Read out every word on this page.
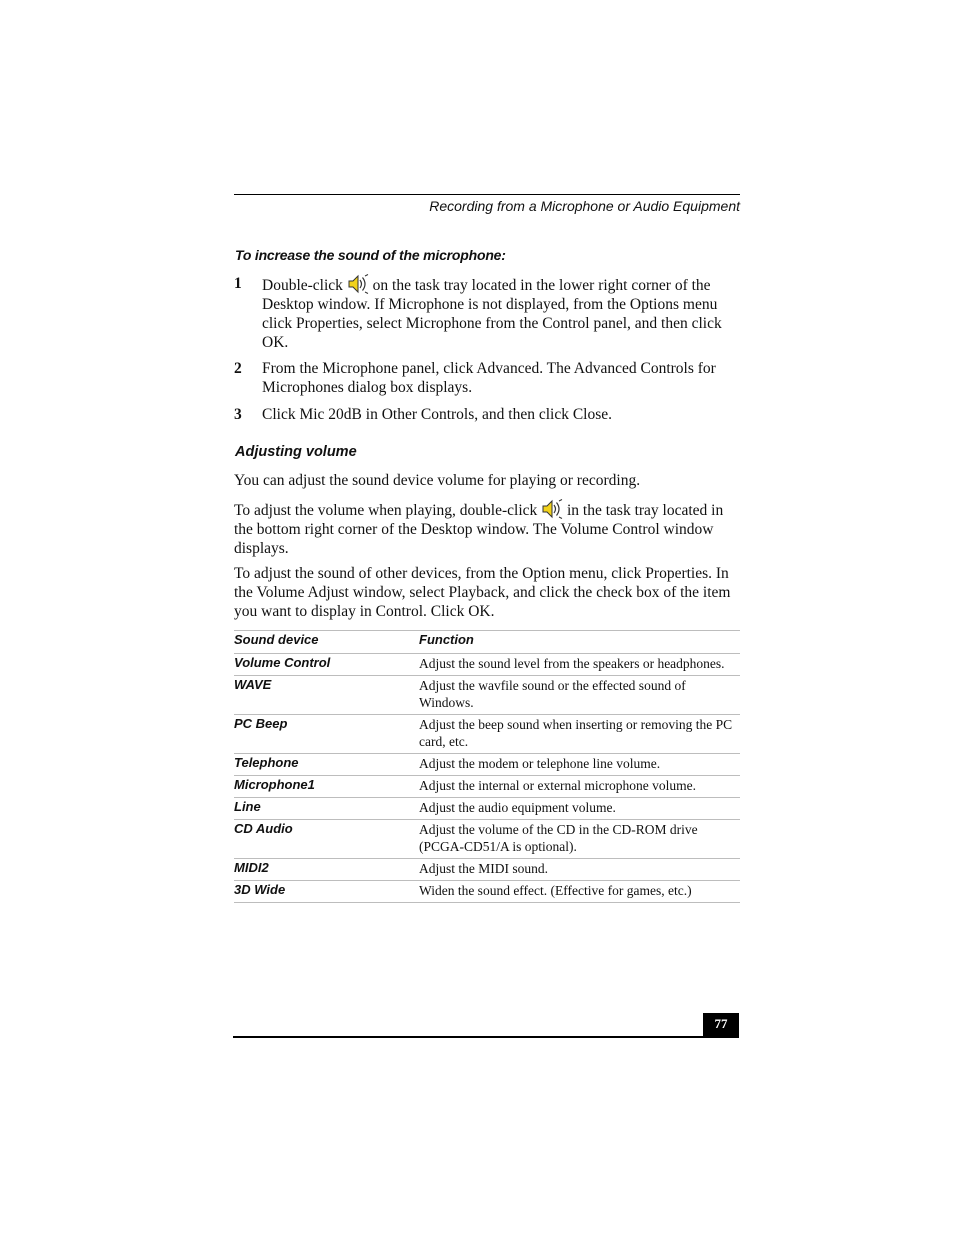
Recording from a Microphone or Audio Equipment
To increase the sound of the microphone:
1 Double-click on the task tray located in the lower right corner of the Desktop window. If Microphone is not displayed, from the Options menu click Properties, select Microphone from the Control panel, and then click OK.
2 From the Microphone panel, click Advanced. The Advanced Controls for Microphones dialog box displays.
3 Click Mic 20dB in Other Controls, and then click Close.
Adjusting volume
You can adjust the sound device volume for playing or recording.
To adjust the volume when playing, double-click in the task tray located in the bottom right corner of the Desktop window. The Volume Control window displays.
To adjust the sound of other devices, from the Option menu, click Properties. In the Volume Adjust window, select Playback, and click the check box of the item you want to display in Control. Click OK.
Sound device	Function
Volume Control	Adjust the sound level from the speakers or headphones.
WAVE	Adjust the wavfile sound or the effected sound of Windows.
PC Beep	Adjust the beep sound when inserting or removing the PC card, etc.
Telephone	Adjust the modem or telephone line volume.
Microphone1	Adjust the internal or external microphone volume.
Line	Adjust the audio equipment volume.
CD Audio	Adjust the volume of the CD in the CD-ROM drive (PCGA-CD51/A is optional).
MIDI2	Adjust the MIDI sound.
3D Wide	Widen the sound effect. (Effective for games, etc.)
77
